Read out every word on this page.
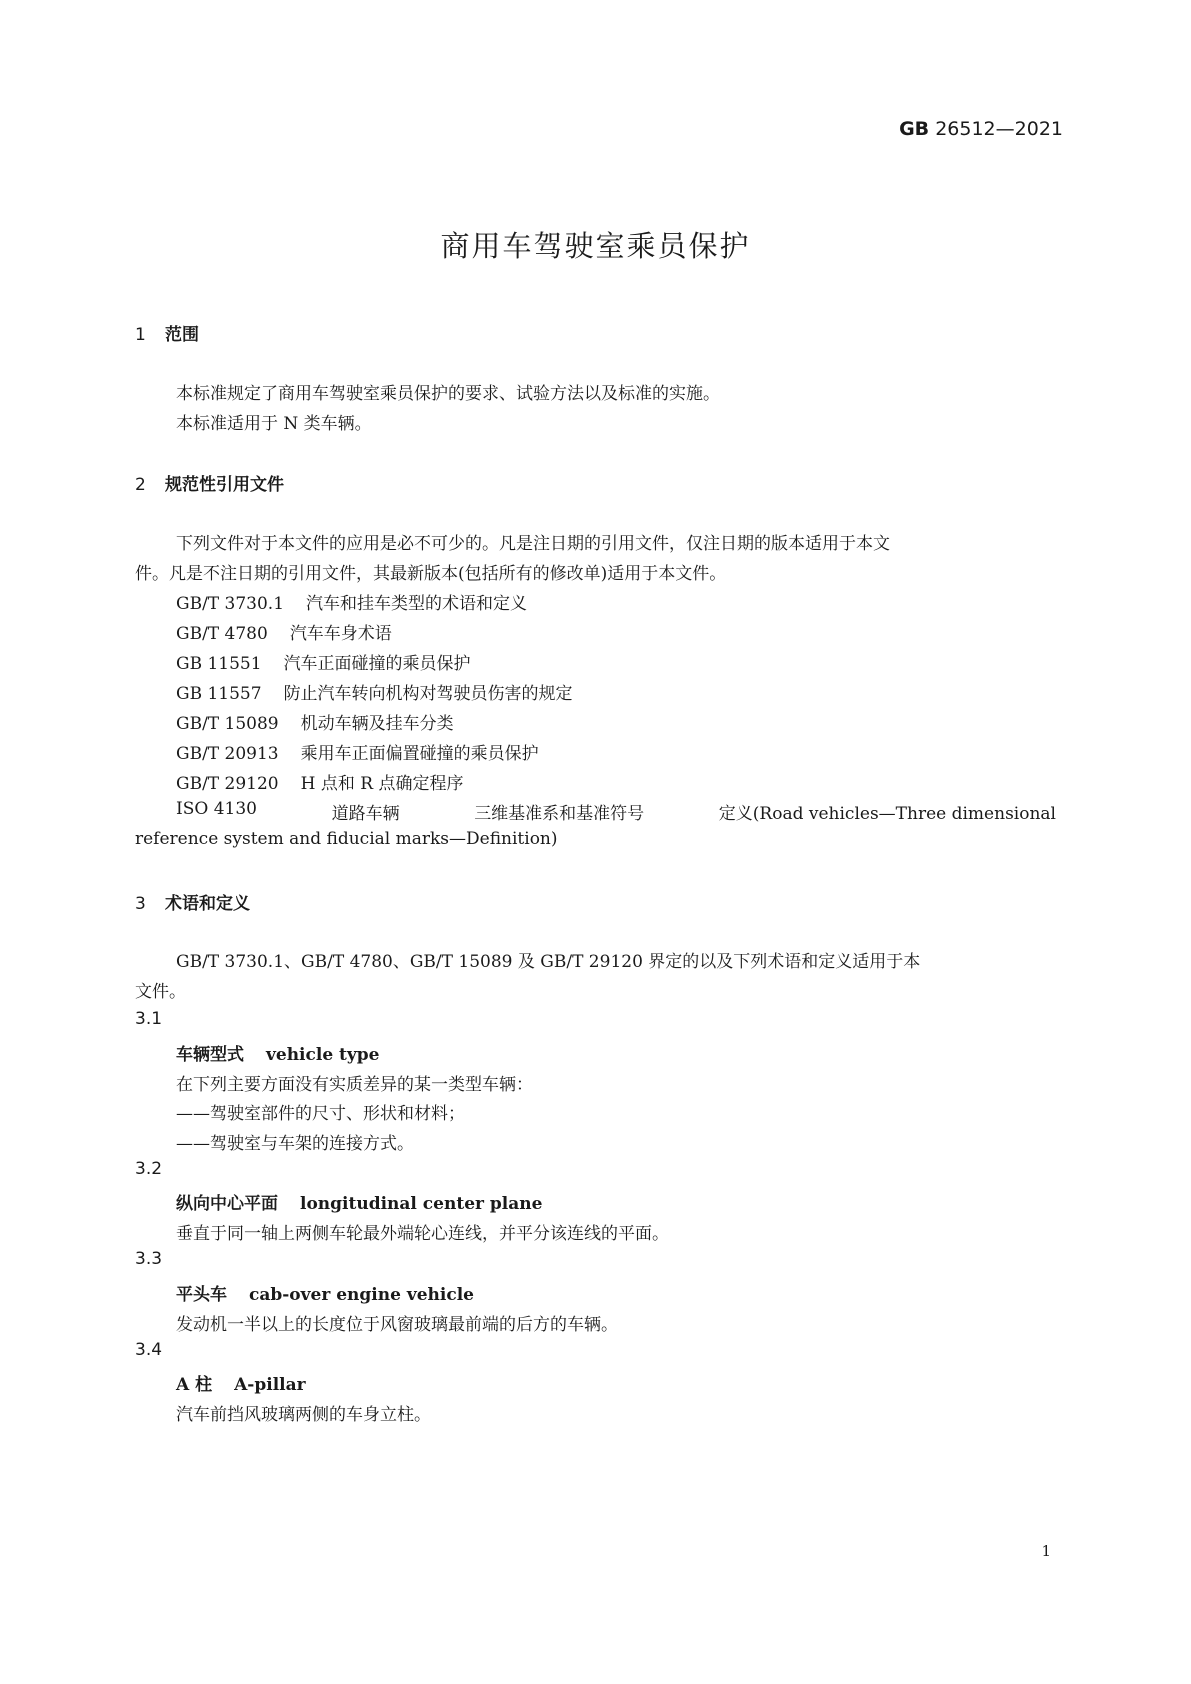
GB 26512—2021
商用车驾驶室乘员保护
1 范围
本标准规定了商用车驾驶室乘员保护的要求、试验方法以及标准的实施。
本标准适用于 N 类车辆。
2 规范性引用文件
下列文件对于本文件的应用是必不可少的。凡是注日期的引用文件，仅注日期的版本适用于本文
件。凡是不注日期的引用文件，其最新版本(包括所有的修改单)适用于本文件。
GB/T 3730.1 汽车和挂车类型的术语和定义
GB/T 4780 汽车车身术语
GB 11551 汽车正面碰撞的乘员保护
GB 11557 防止汽车转向机构对驾驶员伤害的规定
GB/T 15089 机动车辆及挂车分类
GB/T 20913 乘用车正面偏置碰撞的乘员保护
GB/T 29120 H 点和 R 点确定程序
ISO 4130	道路车辆	三维基准系和基准符号	定义(Road vehicles—Three dimensional
reference system and fiducial marks—Definition)
3 术语和定义
GB/T 3730.1、GB/T 4780、GB/T 15089 及 GB/T 29120 界定的以及下列术语和定义适用于本
文件。
3.1
车辆型式 vehicle type
在下列主要方面没有实质差异的某一类型车辆：
——驾驶室部件的尺寸、形状和材料；
——驾驶室与车架的连接方式。
3.2
纵向中心平面 longitudinal center plane
垂直于同一轴上两侧车轮最外端轮心连线，并平分该连线的平面。
3.3
平头车 cab-over engine vehicle
发动机一半以上的长度位于风窗玻璃最前端的后方的车辆。
3.4
A 柱 A-pillar
汽车前挡风玻璃两侧的车身立柱。
1
